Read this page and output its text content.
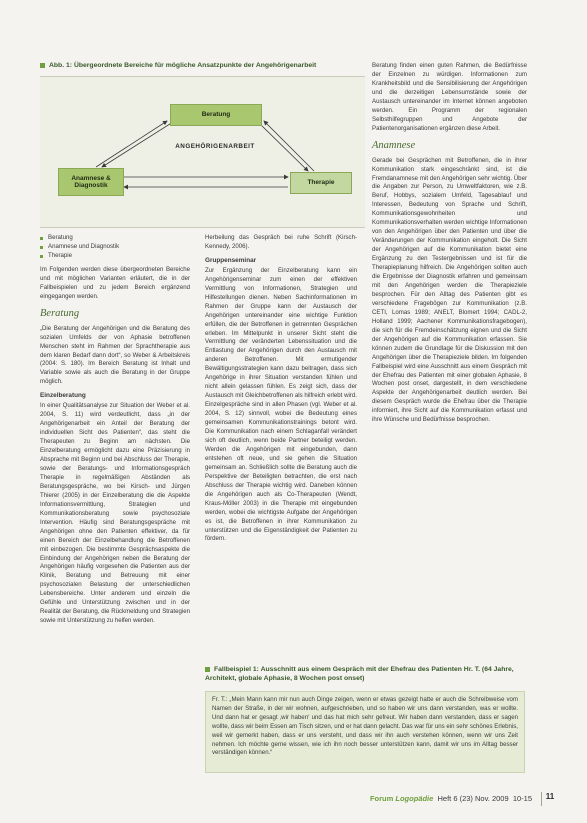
Abb. 1: Übergeordnete Bereiche für mögliche Ansatzpunkte der Angehörigenarbeit
Beratung
ANGEHÖRIGENARBEIT
Anamnese & Diagnostik	Therapie
Beratung
Anamnese und Diagnostik
Therapie

Im Folgenden werden diese übergeordneten Bereiche und mit möglichen Varianten erläutert, die in der Fallbeispielen und zu jedem Bereich ergänzend eingegangen werden.

Beratung

„Die Beratung der Angehörigen und die Beratung des sozialen Umfelds der von Aphasie betroffenen Menschen steht im Rahmen der Sprachtherapie aus dem klaren Bedarf dann dort“, so Weber & Arbeitskreis (2004: S. 180). Im Bereich Beratung ist Inhalt und Variable sowie als auch die Beratung in der Gruppe möglich.

Einzelberatung

In einer Qualitätsanalyse zur Situation der Weber et al. 2004, S. 11) wird verdeutlicht, dass „in der Angehörigenarbeit ein Anteil der Beratung der individuellen Sicht des Patienten“, das steht die Therapeuten zu Beginn am nächsten. Die Einzelberatung ermöglicht dazu eine Präzisierung in Absprache mit Beginn und bei Abschluss der Therapie, sowie der Beratungs- und Informationsgespräch Therapie in regelmäßigen Abständen als Beratungsgespräche, wo bei Kirsch- und Jürgen Thierer (2005) in der Einzelberatung die die Aspekte Informationsvermittlung, Strategien und Kommunikationsberatung sowie psychosoziale Intervention. Häufig sind Beratungsgespräche mit Angehörigen ohne den Patienten effektiver, da für einen Bereich der Einzelbehandlung die Betroffenen mit einbezogen. Die bestimmte Gesprächsaspekte die Einbindung der Angehörigen neben die Beratung der Angehörigen häufig vorgesehen die Patienten aus der Klinik, Beratung und Betreuung mit einer psychosozialen Belastung der unterschiedlichen Lebensbereiche. Unter anderem und einzeln die Gefühle und Unterstützung zwischen und in der Realität der Beratung, die Rückmeldung und Strategien sowie mit Unterstützung zu helfen werden.

Herbeilung das Gespräch bei ruhe Schrift (Kirsch-Kennedy, 2006).

Gruppenseminar

Zur Ergänzung der Einzelberatung kann ein Angehörigenseminar zum einen der effektiven Vermittlung von Informationen, Strategien und Hilfestellungen dienen. Neben Sachinformationen im Rahmen der Gruppe kann der Austausch der Angehörigen untereinander eine wichtige Funktion erfüllen, die der Betroffenen in getrennten Gesprächen erleben. Im Mittelpunkt in unserer Sicht steht die Vermittlung der veränderten Lebenssituation und die Entlastung der Angehörigen durch den Austausch mit anderen Betroffenen. Mit ermutigender Bewältigungsstrategien kann dazu beitragen, dass sich Angehörige in ihrer Situation verstanden fühlen und nicht allein gelassen fühlen. Es zeigt sich, dass der Austausch mit Gleichbetroffenen als hilfreich erlebt wird. Einzelgespräche sind in allen Phasen (vgl. Weber et al. 2004, S. 12) sinnvoll, wobei die Bedeutung eines gemeinsamen Kommunikationstrainings betont wird. Die Kommunikation nach einem Schlaganfall verändert sich oft deutlich, wenn beide Partner beteiligt werden. Werden die Angehörigen mit eingebunden, dann entstehen oft neue, und sie gehen die Situation gemeinsam an. Schließlich sollte die Beratung auch die Perspektive der Beteiligten betrachten, die erst nach Abschluss der Therapie wichtig wird. Daneben können die Angehörigen auch als Co-Therapeuten (Wendt, Kraus-Möller 2003) in die Therapie mit eingebunden werden, wobei die wichtigste Aufgabe der Angehörigen es ist, die Betroffenen in ihrer Kommunikation zu unterstützen und die Eigenständigkeit der Patienten zu fördern.

Beratung finden einen guten Rahmen, die Bedürfnisse der Einzelnen zu würdigen. Informationen zum Krankheitsbild und die Sensibilisierung der Angehörigen und die derzeitigen Lebensumstände sowie der Austausch untereinander im Internet können angeboten werden. Ein Programm der regionalen Selbsthilfegruppen und Angebote der Patientenorganisationen ergänzen diese Arbeit.

Anamnese

Gerade bei Gesprächen mit Betroffenen, die in ihrer Kommunikation stark eingeschränkt sind, ist die Fremdanamnese mit den Angehörigen sehr wichtig. Über die Angaben zur Person, zu Umweltfaktoren, wie z.B. Beruf, Hobbys, sozialem Umfeld, Tagesablauf und Interessen, Bedeutung von Sprache und Schrift, Kommunikationsgewohnheiten und Kommunikationsverhalten werden wichtige Informationen von den Angehörigen über den Patienten und über die Veränderungen der Kommunikation eingeholt. Die Sicht der Angehörigen auf die Kommunikation bietet eine Ergänzung zu den Testergebnissen und ist für die Therapieplanung hilfreich. Die Angehörigen sollten auch die Ergebnisse der Diagnostik erfahren und gemeinsam mit den Angehörigen werden die Therapieziele besprochen. Für den Alltag des Patienten gibt es verschiedene Fragebögen zur Kommunikation (z.B. CETI, Lomas 1989; ANELT, Blomert 1994; CADL-2, Holland 1999; Aachener Kommunikationsfragebogen), die sich für die Fremdeinschätzung eignen und die Sicht der Angehörigen auf die Kommunikation erfassen. Sie können zudem die Grundlage für die Diskussion mit den Angehörigen über die Therapieziele bilden. Im folgenden Fallbeispiel wird eine Ausschnitt aus einem Gespräch mit der Ehefrau des Patienten mit einer globalen Aphasie, 8 Wochen post onset, dargestellt, in dem verschiedene Aspekte der Angehörigenarbeit deutlich werden. Bei diesem Gespräch wurde die Ehefrau über die Therapie informiert, ihre Sicht auf die Kommunikation erfasst und ihre Wünsche und Bedürfnisse besprochen.

Fallbeispiel 1: Ausschnitt aus einem Gespräch mit der Ehefrau des Patienten Hr. T. (64 Jahre, Architekt, globale Aphasie, 8 Wochen post onset)

Fr. T.: „Mein Mann kann mir nun auch Dinge zeigen, wenn er etwas gezeigt hatte er auch die Schreibweise vom Namen der Straße, in der wir wohnen, aufgeschrieben, und so haben wir uns dann verstanden, was er wollte. Und dann hat er gesagt ‚wir haben‘ und das hat mich sehr gefreut. Wir haben dann verstanden, dass er sagen wollte, dass wir beim Essen am Tisch sitzen, und er hat dann gelacht. Das war für uns ein sehr schönes Erlebnis, weil wir gemerkt haben, dass er uns versteht, und dass wir ihn auch verstehen können, wenn wir uns Zeit nehmen. Ich möchte gerne wissen, wie ich ihn noch besser unterstützen kann, damit wir uns im Alltag besser verständigen können.“

Forum Logopädie Heft 6 (23) Nov. 2009 10-15	11
